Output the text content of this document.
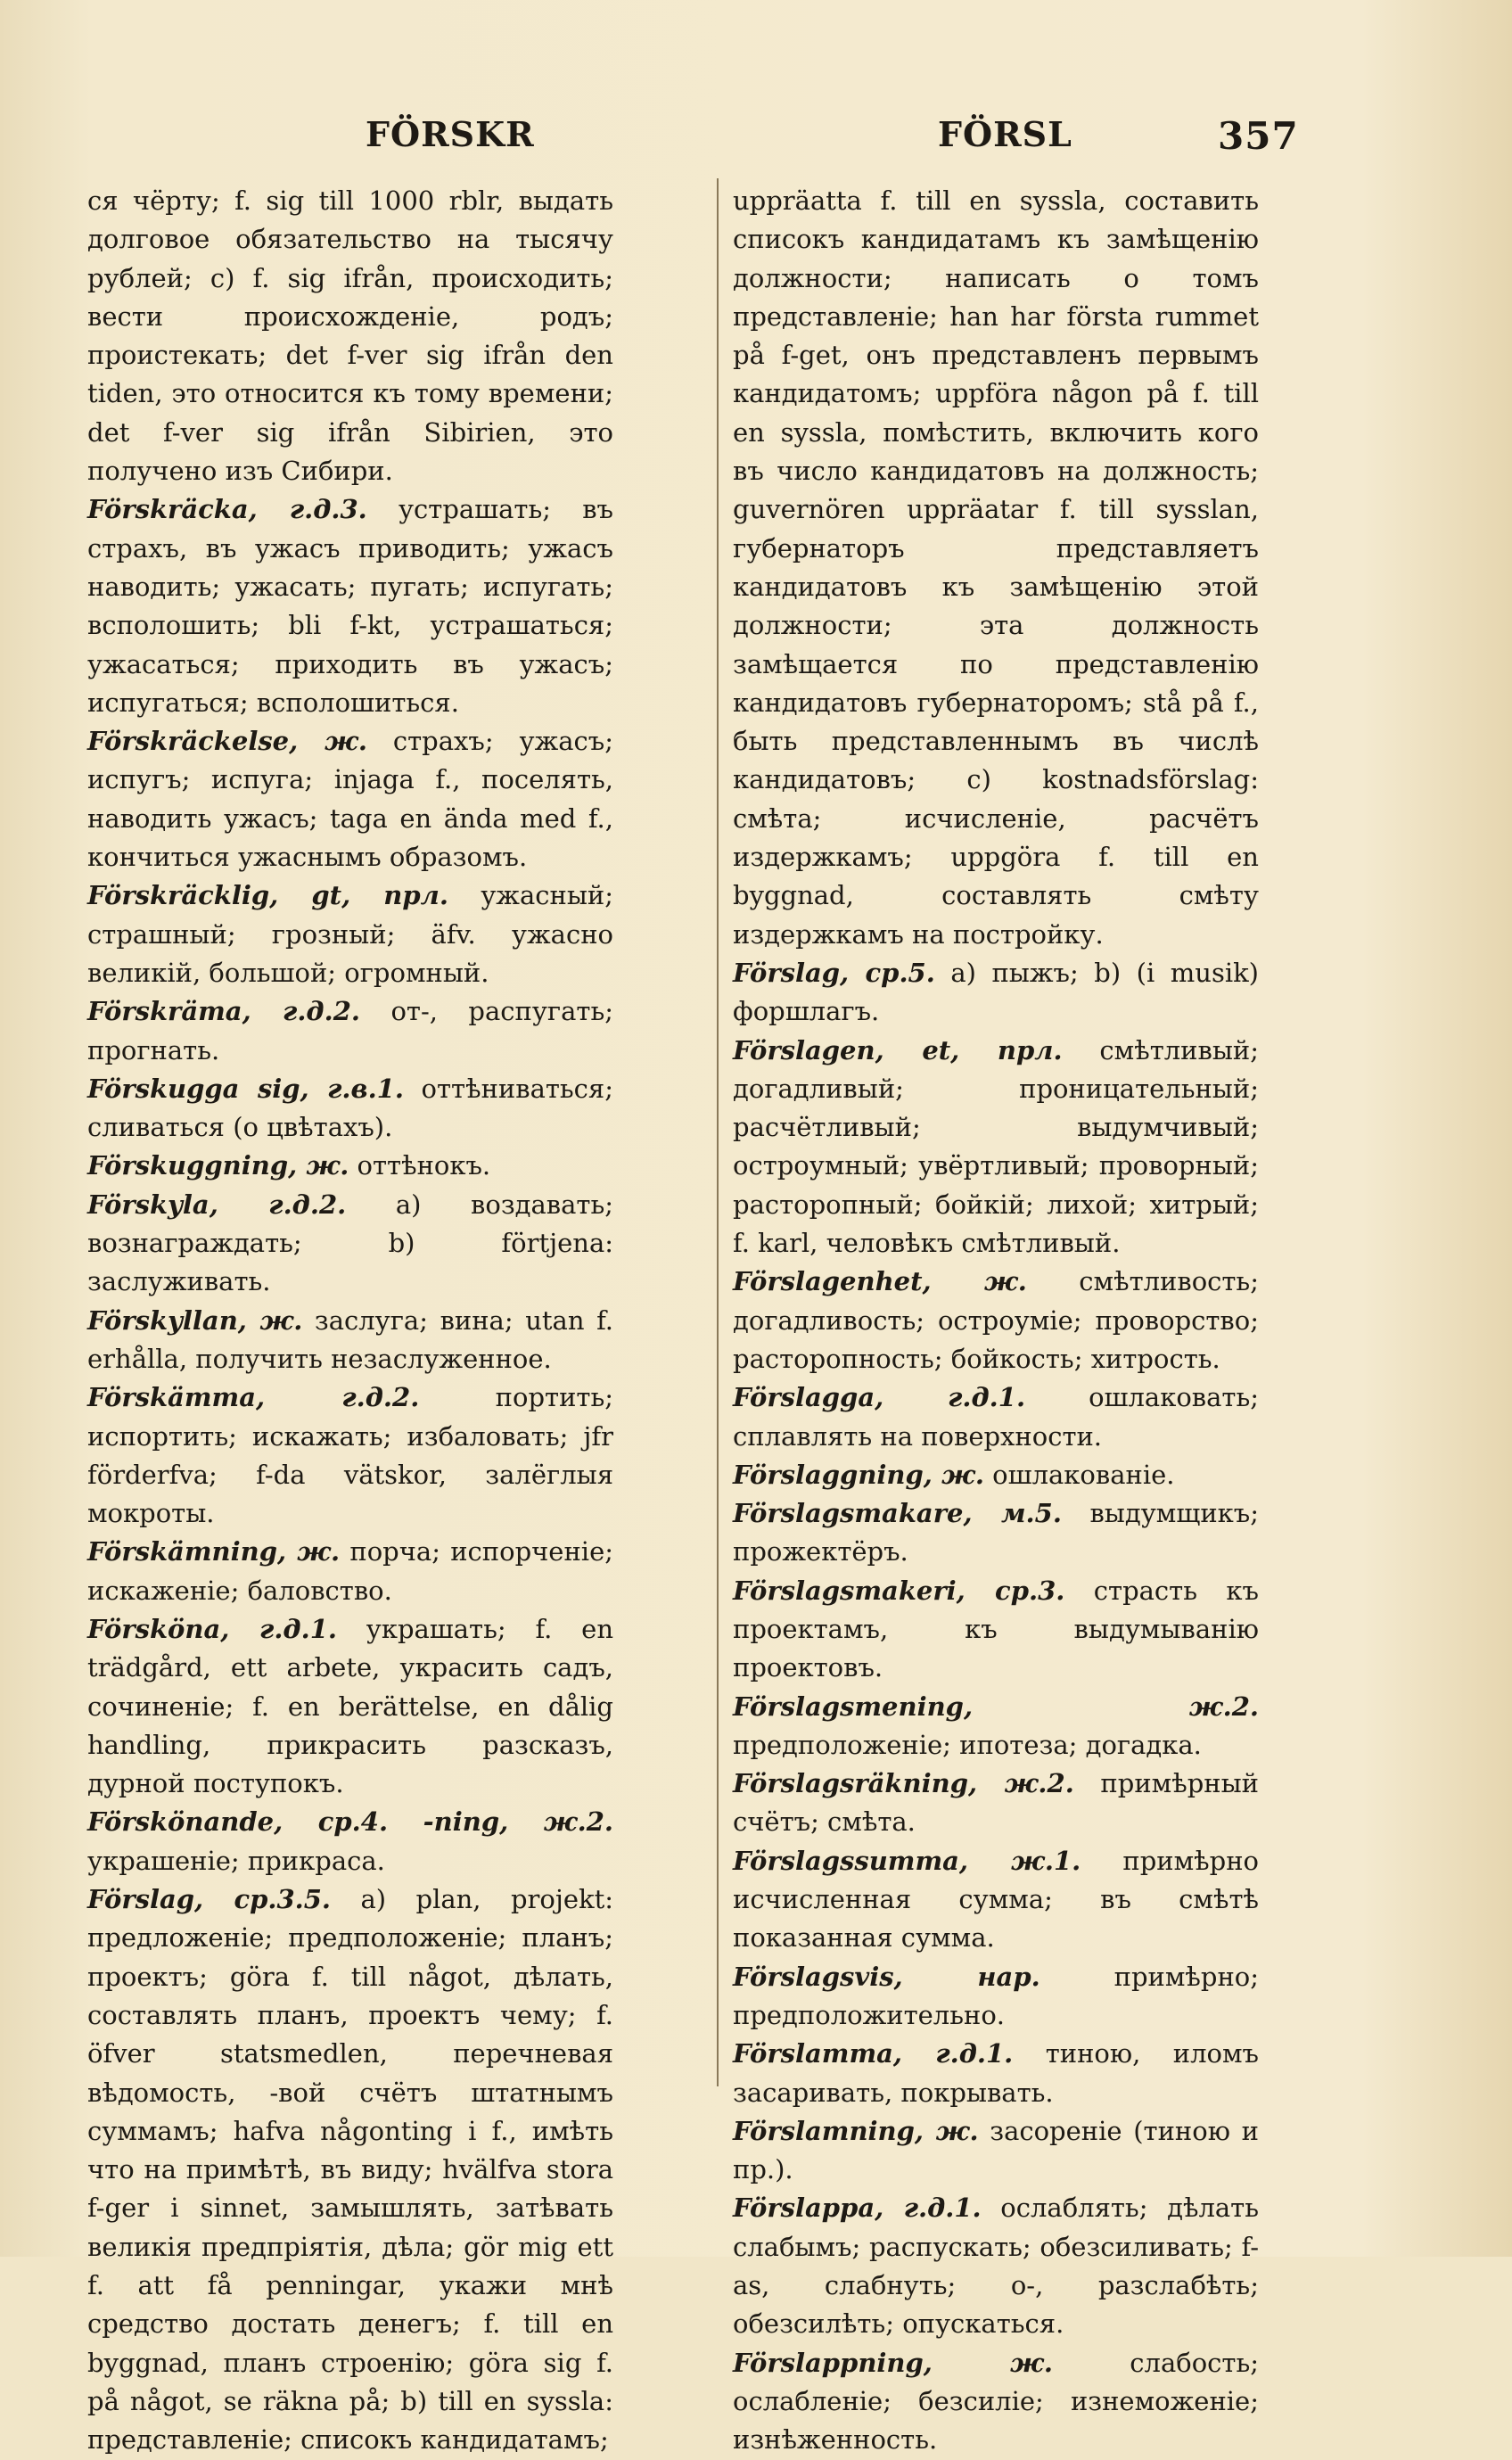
FÖRSKR	FÖRSL	357
ся чёрту; f. sig till 1000 rblr, выдать долговое обязательство на тысячу рублей; c) f. sig ifrån, происходить; вести происхожденiе, родъ; проистекать; det f-ver sig ifrån den tiden, это относится къ тому времени; det f-ver sig ifrån Sibirien, это получено изъ Сибири.
Förskräcka, г.д.3. устрашать; въ страхъ, въ ужасъ приводить; ужасъ наводить; ужасать; пугать; испугать; всполошить; bli f-kt, устрашаться; ужасаться; приходить въ ужасъ; испугаться; всполошиться.
Förskräckelse, ж. страхъ; ужасъ; испугъ; испуга; injaga f., поселять, наводить ужасъ; taga en ända med f., кончиться ужаснымъ образомъ.
Förskräcklig, gt, прл. ужасный; страшный; грозный; äfv. ужасно великiй, большой; огромный.
Förskräma, г.д.2. от-, распугать; прогнать.
Förskugga sig, г.в.1. оттѣниваться; сливаться (о цвѣтахъ).
Förskuggning, ж. оттѣнокъ.
Förskyla, г.д.2. a) воздавать; вознаграждать; b) förtjena: заслуживать.
Förskyllan, ж. заслуга; вина; utan f. erhålla, получить незаслуженное.
Förskämma, г.д.2.	портить; испортить; искажать; избаловать; jfr förderfva; f-da vätskor, залёглыя мокроты.
Förskämning, ж. порча; испорченiе; искаженiе; баловство.
Försköna, г.д.1. украшать; f. en trädgård, ett arbete, украсить садъ, сочиненiе; f. en berättelse, en dålig handling, прикрасить разсказъ, дурной поступокъ.
Förskönande, ср.4. -ning, ж.2. украшенiе; прикраса.
Förslag, ср.3.5. a) plan, projekt: предложенiе; предположенiе; планъ; проектъ; göra f. till något, дѣлать, составлять планъ, проектъ чему; f. öfver statsmedlen, перечневая вѣдомость, -вой счётъ штатнымъ суммамъ; hafva någonting i f., имѣть что на примѣтѣ, въ виду; hvälfva stora f-ger i sinnet, замышлять, затѣвать великiя предпрiятiя, дѣла; gör mig ett f. att få penningar, укажи мнѣ средство достать денегъ; f. till en byggnad, планъ строенiю; göra sig f. på något, se räkna på; b) till en syssla: представленiе; списокъ кандидатамъ;
uppräatta f. till en syssla, составить списокъ кандидатамъ къ замѣщенiю должности; написать о томъ представленiе; han har första rummet på f-get, онъ представленъ первымъ кандидатомъ; uppföra någon på f. till en syssla, помѣстить, включить кого въ число кандидатовъ на должность; guvernören uppräatar f. till sysslan, губернаторъ представляетъ кандидатовъ къ замѣщенiю этой должности; эта должность замѣщается по представленiю кандидатовъ губернаторомъ; stå på f., быть представленнымъ въ числѣ кандидатовъ; c) kostnadsförslag: смѣта; исчисленiе, расчётъ издержкамъ; uppgöra f. till en byggnad, составлять смѣту издержкамъ на постройку.
Förslag, ср.5. a) пыжъ; b) (i musik) форшлагъ.
Förslagen, et, прл. смѣтливый; догадливый; проницательный; расчётливый; выдумчивый; остроумный; увёртливый; проворный; расторопный; бойкiй; лихой; хитрый; f. karl, человѣкъ смѣтливый.
Förslagenhet, ж. смѣтливость; догадливость; остроумiе; проворство; расторопность; бойкость; хитрость.
Förslagga, г.д.1. ошлаковать; сплавлять на поверхности.
Förslaggning, ж. ошлакованiе.
Förslagsmakare, м.5. выдумщикъ; прожектёръ.
Förslagsmakeri, ср.3. страсть къ проектамъ, къ выдумыванiю проектовъ.
Förslagsmening, ж.2. предположенiе; ипотеза; догадка.
Förslagsräkning, ж.2. примѣрный счётъ; смѣта.
Förslagssumma, ж.1. примѣрно исчисленная сумма; въ смѣтѣ показанная сумма.
Förslagsvis, нар.	примѣрно; предположительно.
Förslamma, г.д.1. тиною, иломъ засаривать, покрывать.
Förslamning, ж. засоренiе (тиною и пр.).
Förslappa, г.д.1. ослаблять; дѣлать слабымъ; распускать; обезсиливать; f-as, слабнуть; о-, разслабѣть; обезсилѣть; опускаться.
Förslappning, ж.	слабость; ослабленiе; безсилiе; изнеможенiе; изнѣженность.
